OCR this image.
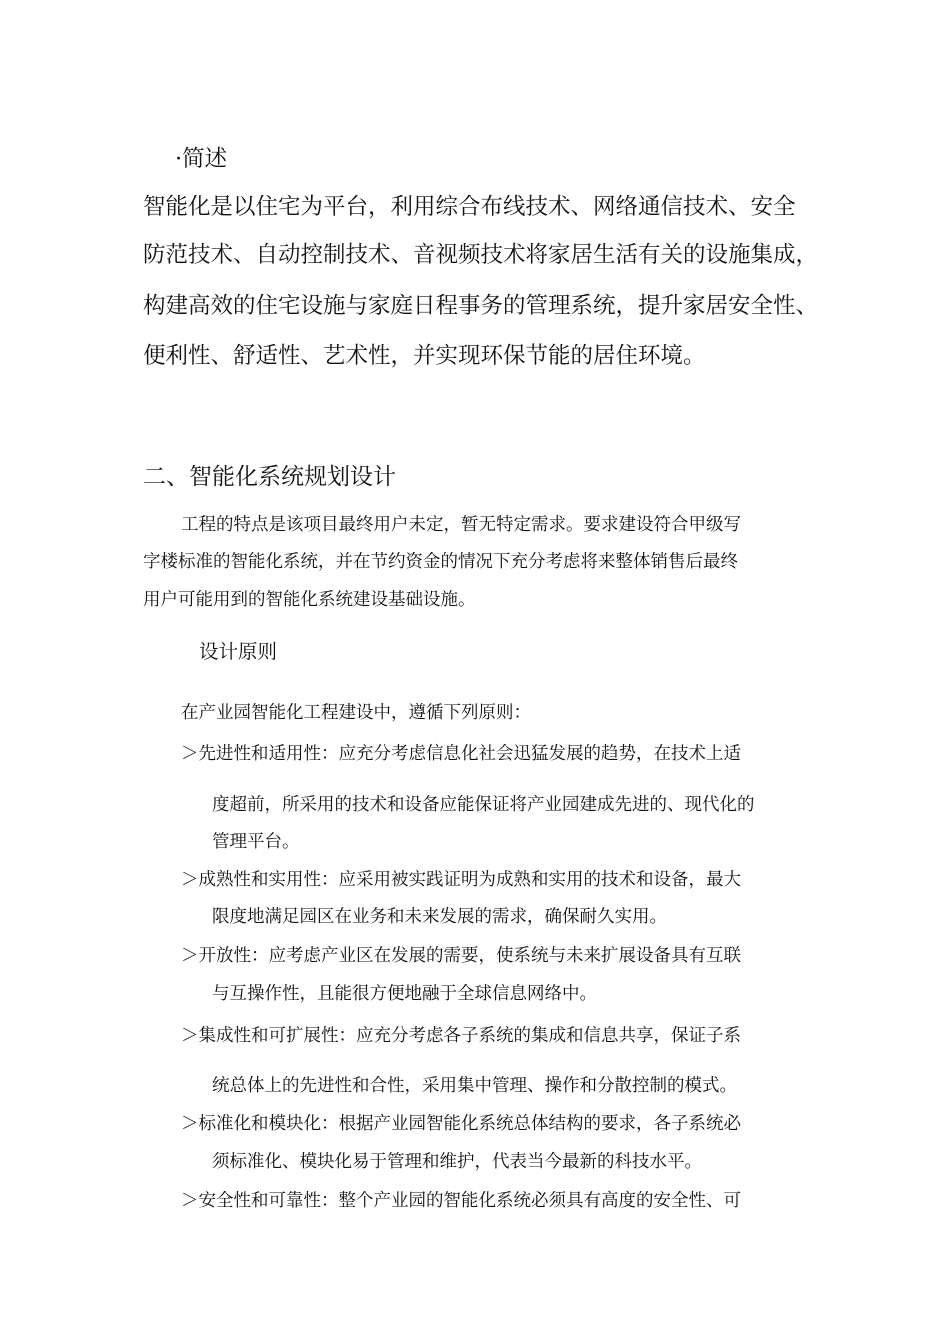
·简述

智能化是以住宅为平台，利用综合布线技术、网络通信技术、安全

防范技术、自动控制技术、音视频技术将家居生活有关的设施集成，

构建高效的住宅设施与家庭日程事务的管理系统，提升家居安全性、

便利性、舒适性、艺术性，并实现环保节能的居住环境。

二、智能化系统规划设计

工程的特点是该项目最终用户未定，暂无特定需求。要求建设符合甲级写

字楼标准的智能化系统，并在节约资金的情况下充分考虑将来整体销售后最终

用户可能用到的智能化系统建设基础设施。

设计原则

在产业园智能化工程建设中，遵循下列原则：

＞先进性和适用性：应充分考虑信息化社会迅猛发展的趋势，在技术上适

度超前，所采用的技术和设备应能保证将产业园建成先进的、现代化的

管理平台。

＞成熟性和实用性：应采用被实践证明为成熟和实用的技术和设备，最大

限度地满足园区在业务和未来发展的需求，确保耐久实用。

＞开放性：应考虑产业区在发展的需要，使系统与未来扩展设备具有互联

与互操作性，且能很方便地融于全球信息网络中。

＞集成性和可扩展性：应充分考虑各子系统的集成和信息共享，保证子系

统总体上的先进性和合性，采用集中管理、操作和分散控制的模式。

＞标准化和模块化：根据产业园智能化系统总体结构的要求，各子系统必

须标准化、模块化易于管理和维护，代表当今最新的科技水平。

＞安全性和可靠性：整个产业园的智能化系统必须具有高度的安全性、可
